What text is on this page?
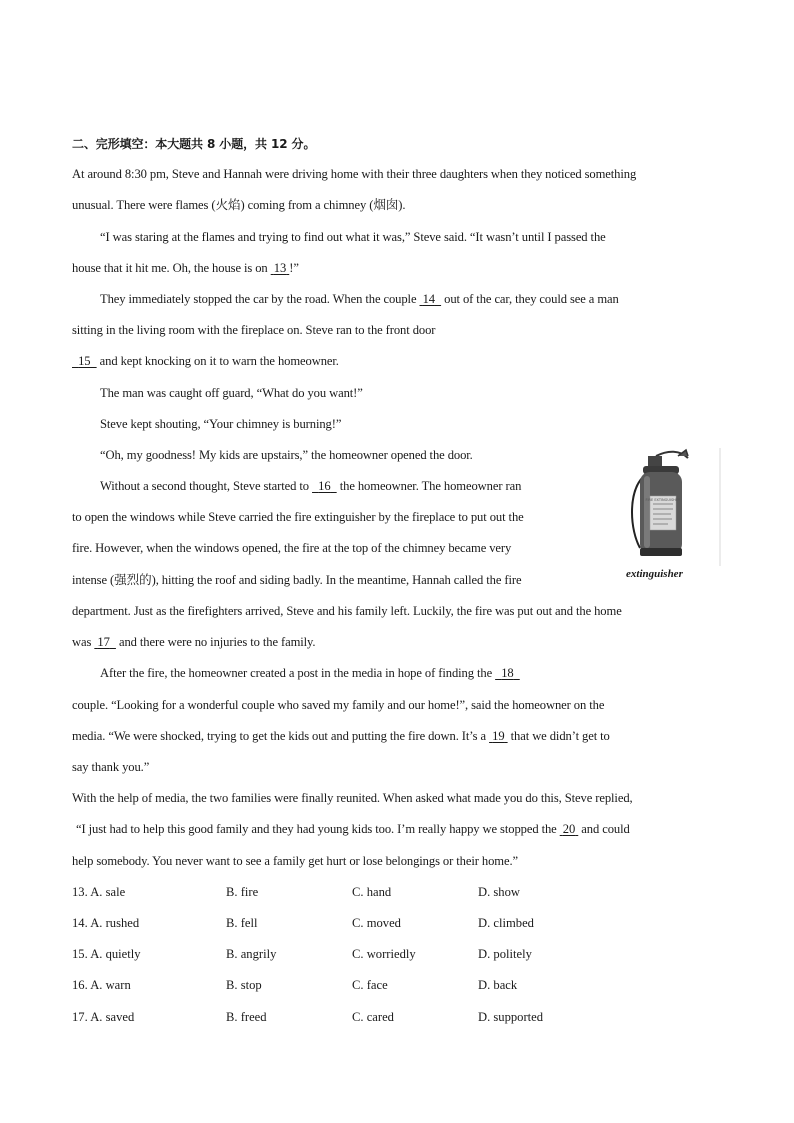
二、完形填空：本大题共 8 小题，共 12 分。
At around 8:30 pm, Steve and Hannah were driving home with their three daughters when they noticed something
unusual. There were flames (火焰) coming from a chimney (烟囱).
“I was staring at the flames and trying to find out what it was,” Steve said. “It wasn’t until I passed the
house that it hit me. Oh, the house is on  13 !”
They immediately stopped the car by the road. When the couple  14   out of the car, they could see a man
sitting in the living room with the fireplace on. Steve ran to the front door
15   and kept knocking on it to warn the homeowner.
The man was caught off guard, “What do you want!”
Steve kept shouting, “Your chimney is burning!”
“Oh, my goodness! My kids are upstairs,” the homeowner opened the door.
Without a second thought, Steve started to   16   the homeowner. The homeowner ran
to open the windows while Steve carried the fire extinguisher by the fireplace to put out the
fire. However, when the windows opened, the fire at the top of the chimney became very
intense (强烈的), hitting the roof and siding badly. In the meantime, Hannah called the fire
department. Just as the firefighters arrived, Steve and his family left. Luckily, the fire was put out and the home
was  17   and there were no injuries to the family.
After the fire, the homeowner created a post in the media in hope of finding the   18
couple. “Looking for a wonderful couple who saved my family and our home!”, said the homeowner on the
media. “We were shocked, trying to get the kids out and putting the fire down. It’s a  19  that we didn’t get to
say thank you.”
With the help of media, the two families were finally reunited. When asked what made you do this, Steve replied,
“I just had to help this good family and they had young kids too. I’m really happy we stopped the  20  and could
help somebody. You never want to see a family get hurt or lose belongings or their home.”
FIRE EXTINGUISHER
extinguisher
13. A. sale	B. fire	C. hand	D. show
14. A. rushed	B. fell	C. moved	D. climbed
15. A. quietly	B. angrily	C. worriedly	D. politely
16. A. warn	B. stop	C. face	D. back
17. A. saved	B. freed	C. cared	D. supported
